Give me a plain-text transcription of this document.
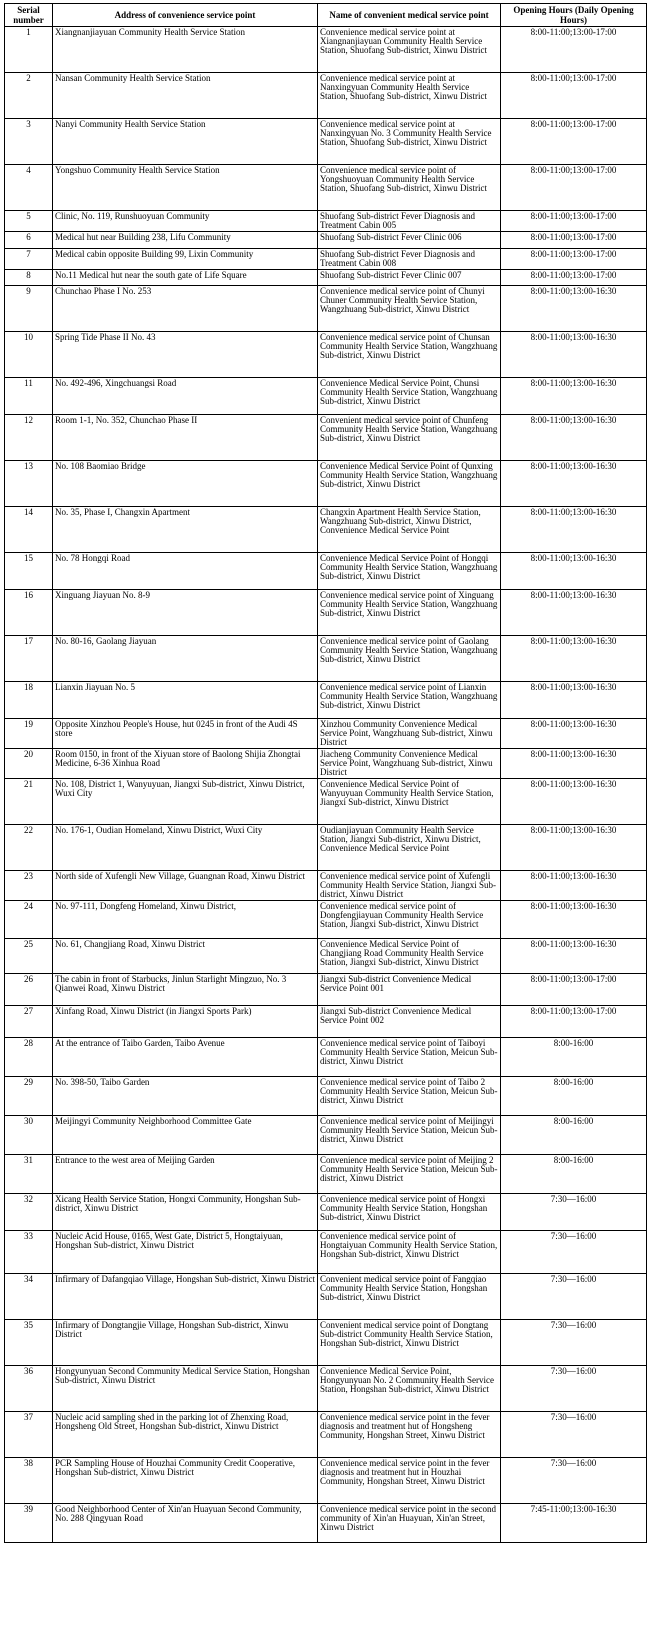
Serial number	Address of convenience service point	Name of convenient medical service point	Opening Hours (Daily Opening Hours)
1	Xiangnanjiayuan Community Health Service Station	Convenience medical service point at Xiangnanjiayuan Community Health Service Station, Shuofang Sub-district, Xinwu District	8:00-11:00;13:00-17:00
2	Nansan Community Health Service Station	Convenience medical service point at Nanxingyuan Community Health Service Station, Shuofang Sub-district, Xinwu District	8:00-11:00;13:00-17:00
3	Nanyi Community Health Service Station	Convenience medical service point at Nanxingyuan No. 3 Community Health Service Station, Shuofang Sub-district, Xinwu District	8:00-11:00;13:00-17:00
4	Yongshuo Community Health Service Station	Convenience medical service point of Yongshuoyuan Community Health Service Station, Shuofang Sub-district, Xinwu District	8:00-11:00;13:00-17:00
5	Clinic, No. 119, Runshuoyuan Community	Shuofang Sub-district Fever Diagnosis and Treatment Cabin 005	8:00-11:00;13:00-17:00
6	Medical hut near Building 238, Lifu Community	Shuofang Sub-district Fever Clinic 006	8:00-11:00;13:00-17:00
7	Medical cabin opposite Building 99, Lixin Community	Shuofang Sub-district Fever Diagnosis and Treatment Cabin 008	8:00-11:00;13:00-17:00
8	No.11 Medical hut near the south gate of Life Square	Shuofang Sub-district Fever Clinic 007	8:00-11:00;13:00-17:00
9	Chunchao Phase I No. 253	Convenience medical service point of Chunyi Chuner Community Health Service Station, Wangzhuang Sub-district, Xinwu District	8:00-11:00;13:00-16:30
10	Spring Tide Phase II No. 43	Convenience medical service point of Chunsan Community Health Service Station, Wangzhuang Sub-district, Xinwu District	8:00-11:00;13:00-16:30
11	No. 492-496, Xingchuangsi Road	Convenience Medical Service Point, Chunsi Community Health Service Station, Wangzhuang Sub-district, Xinwu District	8:00-11:00;13:00-16:30
12	Room 1-1, No. 352, Chunchao Phase II	Convenient medical service point of Chunfeng Community Health Service Station, Wangzhuang Sub-district, Xinwu District	8:00-11:00;13:00-16:30
13	No. 108 Baomiao Bridge	Convenience Medical Service Point of Qunxing Community Health Service Station, Wangzhuang Sub-district, Xinwu District	8:00-11:00;13:00-16:30
14	No. 35, Phase I, Changxin Apartment	Changxin Apartment Health Service Station, Wangzhuang Sub-district, Xinwu District, Convenience Medical Service Point	8:00-11:00;13:00-16:30
15	No. 78 Hongqi Road	Convenience Medical Service Point of Hongqi Community Health Service Station, Wangzhuang Sub-district, Xinwu District	8:00-11:00;13:00-16:30
16	Xinguang Jiayuan No. 8-9	Convenience medical service point of Xinguang Community Health Service Station, Wangzhuang Sub-district, Xinwu District	8:00-11:00;13:00-16:30
17	No. 80-16, Gaolang Jiayuan	Convenience medical service point of Gaolang Community Health Service Station, Wangzhuang Sub-district, Xinwu District	8:00-11:00;13:00-16:30
18	Lianxin Jiayuan No. 5	Convenience medical service point of Lianxin Community Health Service Station, Wangzhuang Sub-district, Xinwu District	8:00-11:00;13:00-16:30
19	Opposite Xinzhou People's House, hut 0245 in front of the Audi 4S store	Xinzhou Community Convenience Medical Service Point, Wangzhuang Sub-district, Xinwu District	8:00-11:00;13:00-16:30
20	Room 0150, in front of the Xiyuan store of Baolong Shijia Zhongtai Medicine, 6-36 Xinhua Road	Jiacheng Community Convenience Medical Service Point, Wangzhuang Sub-district, Xinwu District	8:00-11:00;13:00-16:30
21	No. 108, District 1, Wanyuyuan, Jiangxi Sub-district, Xinwu District, Wuxi City	Convenience Medical Service Point of Wanyuyuan Community Health Service Station, Jiangxi Sub-district, Xinwu District	8:00-11:00;13:00-16:30
22	No. 176-1, Oudian Homeland, Xinwu District, Wuxi City	Oudianjiayuan Community Health Service Station, Jiangxi Sub-district, Xinwu District, Convenience Medical Service Point	8:00-11:00;13:00-16:30
23	North side of Xufengli New Village, Guangnan Road, Xinwu District	Convenience medical service point of Xufengli Community Health Service Station, Jiangxi Sub-district, Xinwu District	8:00-11:00;13:00-16:30
24	No. 97-111, Dongfeng Homeland, Xinwu District,	Convenience medical service point of Dongfengjiayuan Community Health Service Station, Jiangxi Sub-district, Xinwu District	8:00-11:00;13:00-16:30
25	No. 61, Changjiang Road, Xinwu District	Convenience Medical Service Point of Changjiang Road Community Health Service Station, Jiangxi Sub-district, Xinwu District	8:00-11:00;13:00-16:30
26	The cabin in front of Starbucks, Jinlun Starlight Mingzuo, No. 3 Qianwei Road, Xinwu District	Jiangxi Sub-district Convenience Medical Service Point 001	8:00-11:00;13:00-17:00
27	Xinfang Road, Xinwu District (in Jiangxi Sports Park)	Jiangxi Sub-district Convenience Medical Service Point 002	8:00-11:00;13:00-17:00
28	At the entrance of Taibo Garden, Taibo Avenue	Convenience medical service point of Taiboyi Community Health Service Station, Meicun Sub-district, Xinwu District	8:00-16:00
29	No. 398-50, Taibo Garden	Convenience medical service point of Taibo 2 Community Health Service Station, Meicun Sub-district, Xinwu District	8:00-16:00
30	Meijingyi Community Neighborhood Committee Gate	Convenience medical service point of Meijingyi Community Health Service Station, Meicun Sub-district, Xinwu District	8:00-16:00
31	Entrance to the west area of Meijing Garden	Convenience medical service point of Meijing 2 Community Health Service Station, Meicun Sub-district, Xinwu District	8:00-16:00
32	Xicang Health Service Station, Hongxi Community, Hongshan Sub-district, Xinwu District	Convenience medical service point of Hongxi Community Health Service Station, Hongshan Sub-district, Xinwu District	7:30—16:00
33	Nucleic Acid House, 0165, West Gate, District 5, Hongtaiyuan, Hongshan Sub-district, Xinwu District	Convenience medical service point of Hongtaiyuan Community Health Service Station, Hongshan Sub-district, Xinwu District	7:30—16:00
34	Infirmary of Dafangqiao Village, Hongshan Sub-district, Xinwu District	Convenient medical service point of Fangqiao Community Health Service Station, Hongshan Sub-district, Xinwu District	7:30—16:00
35	Infirmary of Dongtangjie Village, Hongshan Sub-district, Xinwu District	Convenient medical service point of Dongtang Sub-district Community Health Service Station, Hongshan Sub-district, Xinwu District	7:30—16:00
36	Hongyunyuan Second Community Medical Service Station, Hongshan Sub-district, Xinwu District	Convenience Medical Service Point, Hongyunyuan No. 2 Community Health Service Station, Hongshan Sub-district, Xinwu District	7:30—16:00
37	Nucleic acid sampling shed in the parking lot of Zhenxing Road, Hongsheng Old Street, Hongshan Sub-district, Xinwu District	Convenience medical service point in the fever diagnosis and treatment hut of Hongsheng Community, Hongshan Street, Xinwu District	7:30—16:00
38	PCR Sampling House of Houzhai Community Credit Cooperative, Hongshan Sub-district, Xinwu District	Convenience medical service point in the fever diagnosis and treatment hut in Houzhai Community, Hongshan Street, Xinwu District	7:30—16:00
39	Good Neighborhood Center of Xin'an Huayuan Second Community, No. 288 Qingyuan Road	Convenience medical service point in the second community of Xin'an Huayuan, Xin'an Street, Xinwu District	7:45-11:00;13:00-16:30
